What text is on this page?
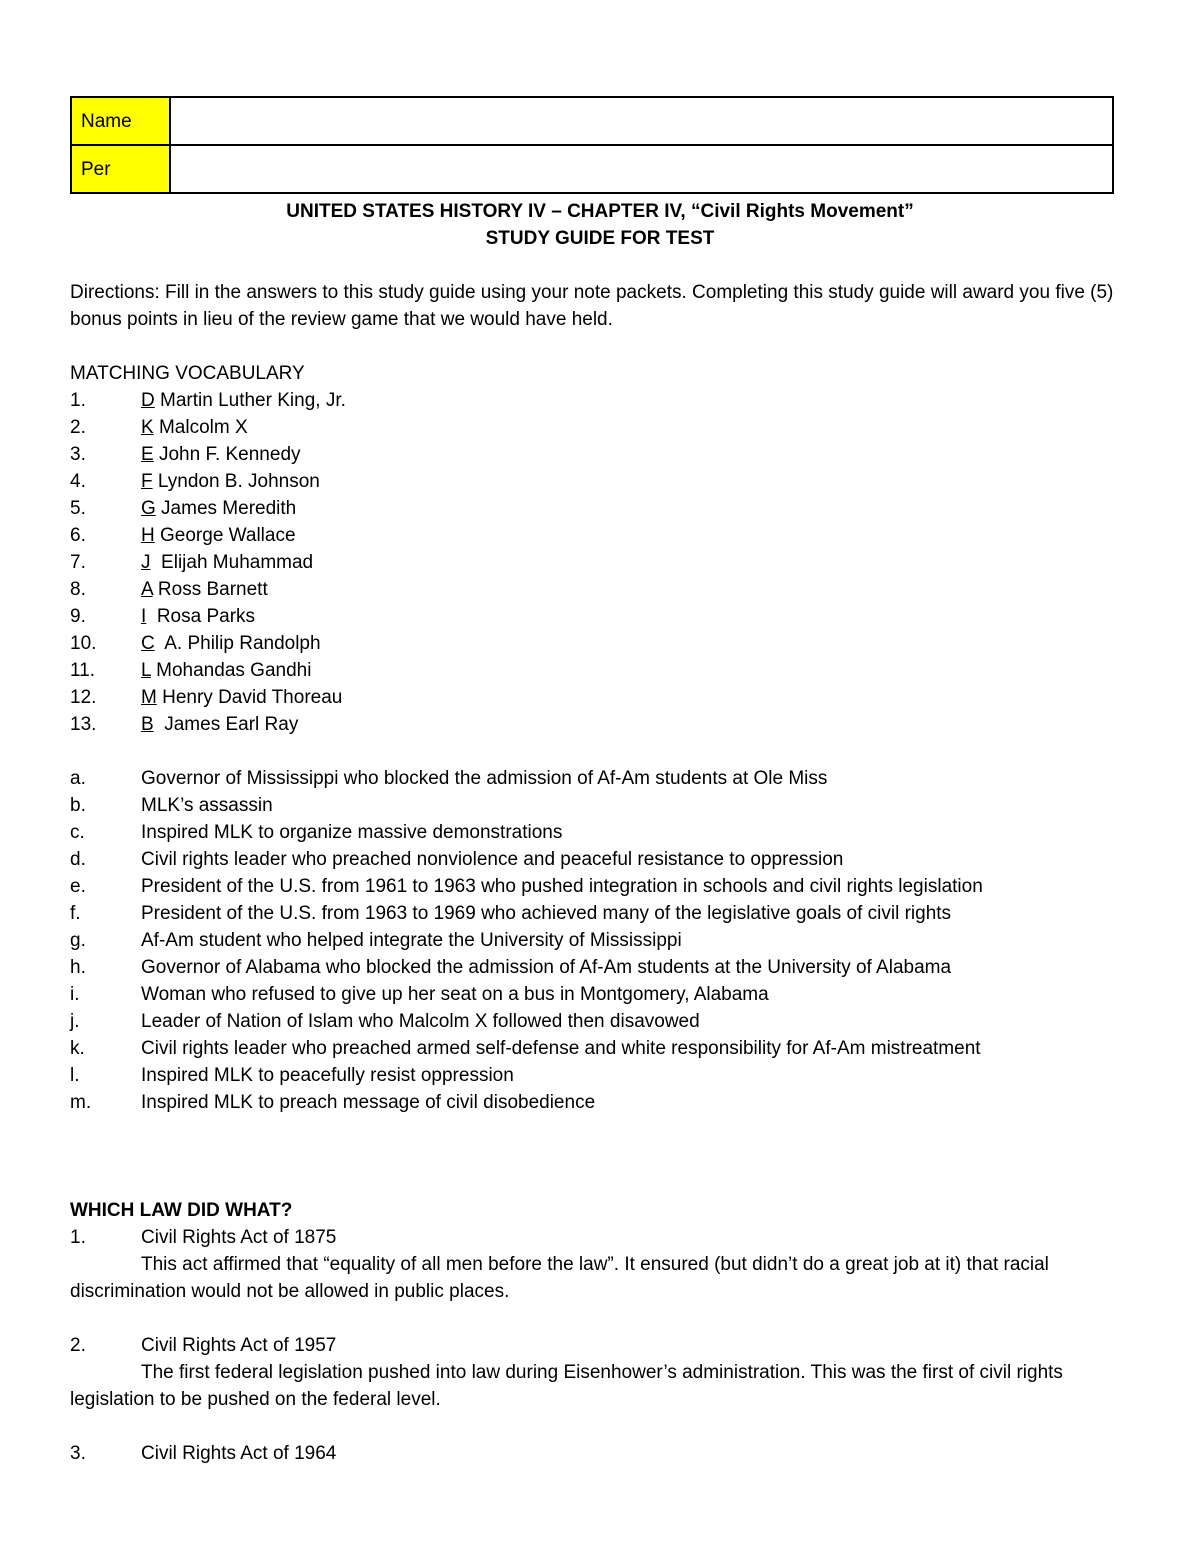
Name	
Per	
UNITED STATES HISTORY IV – CHAPTER IV, “Civil Rights Movement”
STUDY GUIDE FOR TEST

Directions: Fill in the answers to this study guide using your note packets. Completing this study guide will award you five (5) bonus points in lieu of the review game that we would have held.

MATCHING VOCABULARY
1.	D Martin Luther King, Jr.
2.	K Malcolm X
3.	E John F. Kennedy
4.	F Lyndon B. Johnson
5.	G James Meredith
6.	H George Wallace
7.	J  Elijah Muhammad
8.	A Ross Barnett
9.	I  Rosa Parks
10.	C  A. Philip Randolph
11.	L Mohandas Gandhi
12.	M Henry David Thoreau
13.	B  James Earl Ray
a.	Governor of Mississippi who blocked the admission of Af-Am students at Ole Miss
b.	MLK’s assassin
c.	Inspired MLK to organize massive demonstrations
d.	Civil rights leader who preached nonviolence and peaceful resistance to oppression
e.	President of the U.S. from 1961 to 1963 who pushed integration in schools and civil rights legislation
f.	President of the U.S. from 1963 to 1969 who achieved many of the legislative goals of civil rights
g.	Af-Am student who helped integrate the University of Mississippi
h.	Governor of Alabama who blocked the admission of Af-Am students at the University of Alabama
i.	Woman who refused to give up her seat on a bus in Montgomery, Alabama
j.	Leader of Nation of Islam who Malcolm X followed then disavowed
k.	Civil rights leader who preached armed self-defense and white responsibility for Af-Am mistreatment
l.	Inspired MLK to peacefully resist oppression
m.	Inspired MLK to preach message of civil disobedience
WHICH LAW DID WHAT?
1.	Civil Rights Act of 1875

This act affirmed that “equality of all men before the law”. It ensured (but didn’t do a great job at it) that racial discrimination would not be allowed in public places.

2.	Civil Rights Act of 1957

The first federal legislation pushed into law during Eisenhower’s administration. This was the first of civil rights legislation to be pushed on the federal level.

3.	Civil Rights Act of 1964
